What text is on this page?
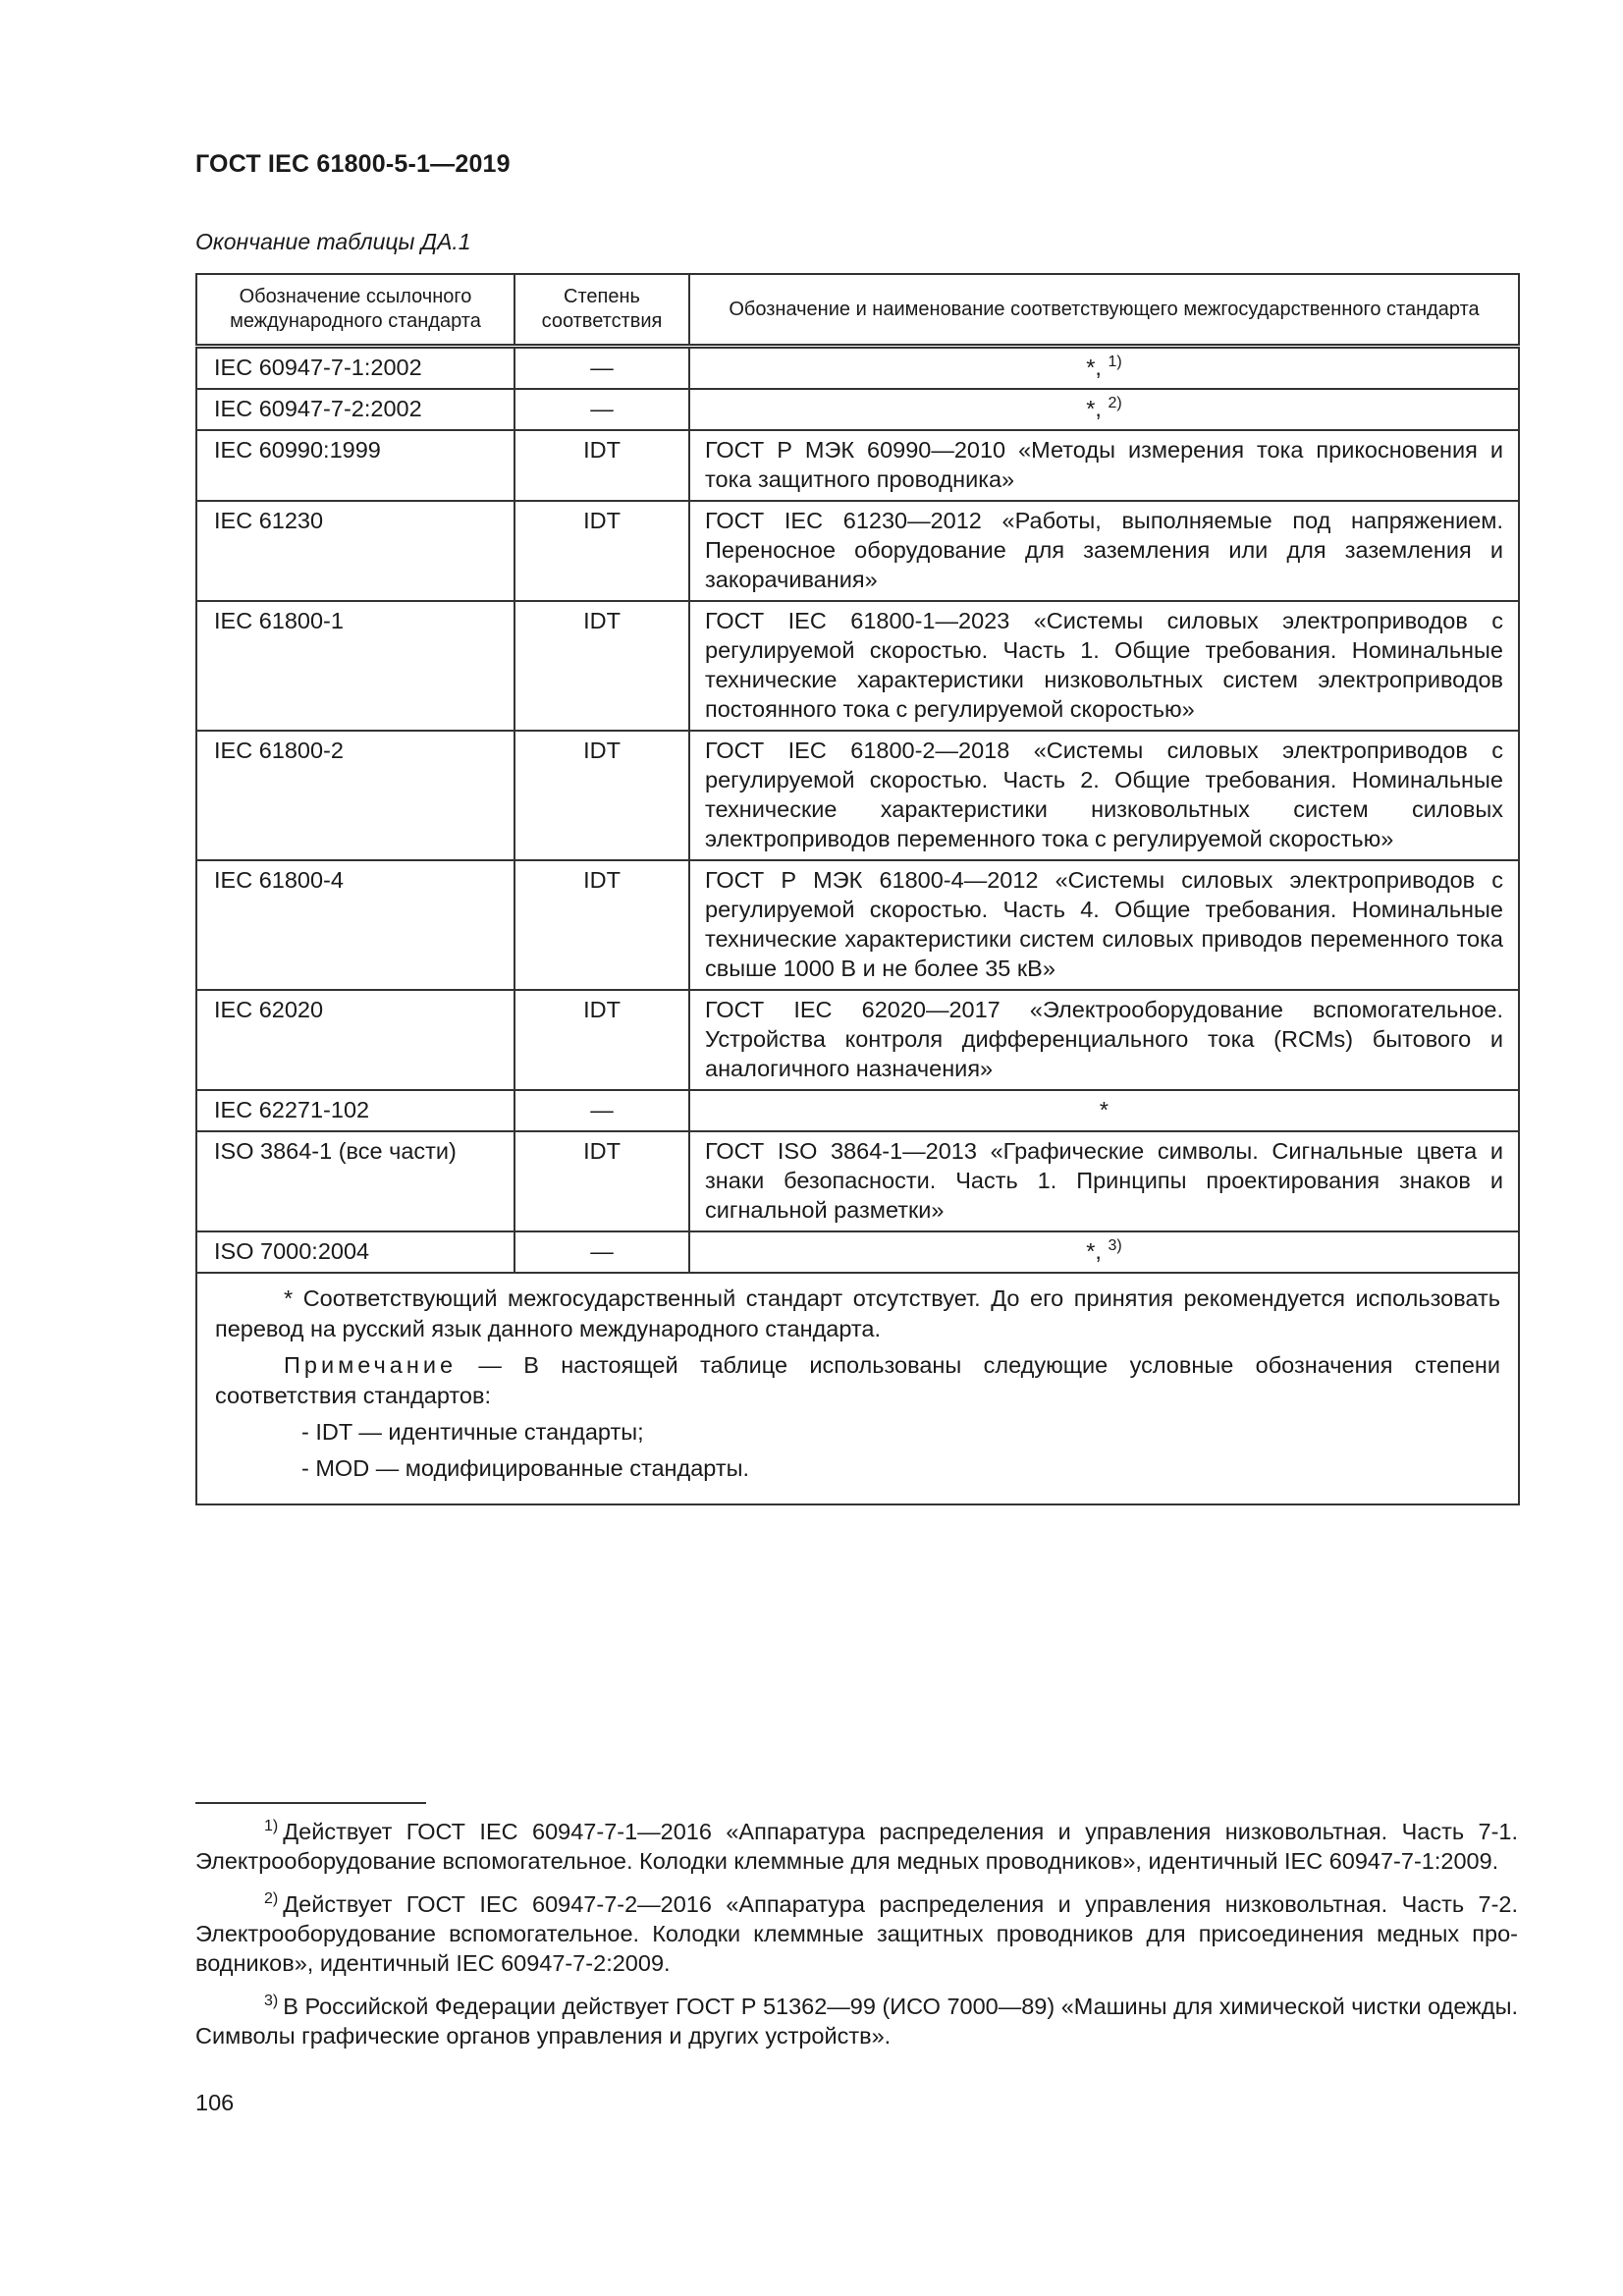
ГОСТ IEC 61800-5-1—2019
Окончание таблицы ДА.1
Обозначение ссылочного международного стандарта	Степень соответствия	Обозначение и наименование соответствующего межгосударственного стандарта
IEC 60947-7-1:2002	—	*, $^{1)}$
IEC 60947-7-2:2002	—	*, $^{2)}$
IEC 60990:1999	IDT	ГОСТ Р МЭК 60990—2010 «Методы измерения тока прикосновения и тока защитного проводника»
IEC 61230	IDT	ГОСТ IEC 61230—2012 «Работы, выполняемые под напряжением. Переносное оборудование для заземления или для заземления и закорачивания»
IEC 61800-1	IDT	ГОСТ IEC 61800-1—2023 «Системы силовых электроприводов с регулируемой скоростью. Часть 1. Общие требования. Номинальные технические характеристики низковольтных систем электроприводов постоянного тока с регулируемой скоростью»
IEC 61800-2	IDT	ГОСТ IEC 61800-2—2018 «Системы силовых электроприводов с регулируемой скоростью. Часть 2. Общие требования. Номинальные технические характеристики низковольтных систем силовых электроприводов переменного тока с регулируемой скоростью»
IEC 61800-4	IDT	ГОСТ Р МЭК 61800-4—2012 «Системы силовых электроприводов с регулируемой скоростью. Часть 4. Общие требования. Номинальные технические характеристики систем силовых приводов переменного тока свыше 1000 В и не более 35 кВ»
IEC 62020	IDT	ГОСТ IEC 62020—2017 «Электрооборудование вспомогательное. Устройства контроля дифференциального тока (RCMs) бытового и аналогичного назначения»
IEC 62271-102	—	*
ISO 3864-1 (все части)	IDT	ГОСТ ISO 3864-1—2013 «Графические символы. Сигнальные цвета и знаки безопасности. Часть 1. Принципы проектирования знаков и сигнальной разметки»
ISO 7000:2004	—	*, $^{3)}$

* Соответствующий межгосударственный стандарт отсутствует. До его принятия рекомендуется использовать перевод на русский язык данного международного стандарта.

Примечание — В настоящей таблице использованы следующие условные обозначения степени соответствия стандартов:

- IDT — идентичные стандарты;

- MOD — модифицированные стандарты.		

$^{1)}$ Действует ГОСТ IEC 60947-7-1—2016 «Аппаратура распределения и управления низковольтная. Часть 7-1. Электрооборудование вспомогательное. Колодки клеммные для медных проводников», идентичный IEC 60947-7-1:2009.

$^{2)}$ Действует ГОСТ IEC 60947-7-2—2016 «Аппаратура распределения и управления низковольтная. Часть 7-2. Электрооборудование вспомогательное. Колодки клеммные защитных проводников для присоединения медных про-водников», идентичный IEC 60947-7-2:2009.

$^{3)}$ В Российской Федерации действует ГОСТ Р 51362—99 (ИСО 7000—89) «Машины для химической чистки одежды. Символы графические органов управления и других устройств».

106
